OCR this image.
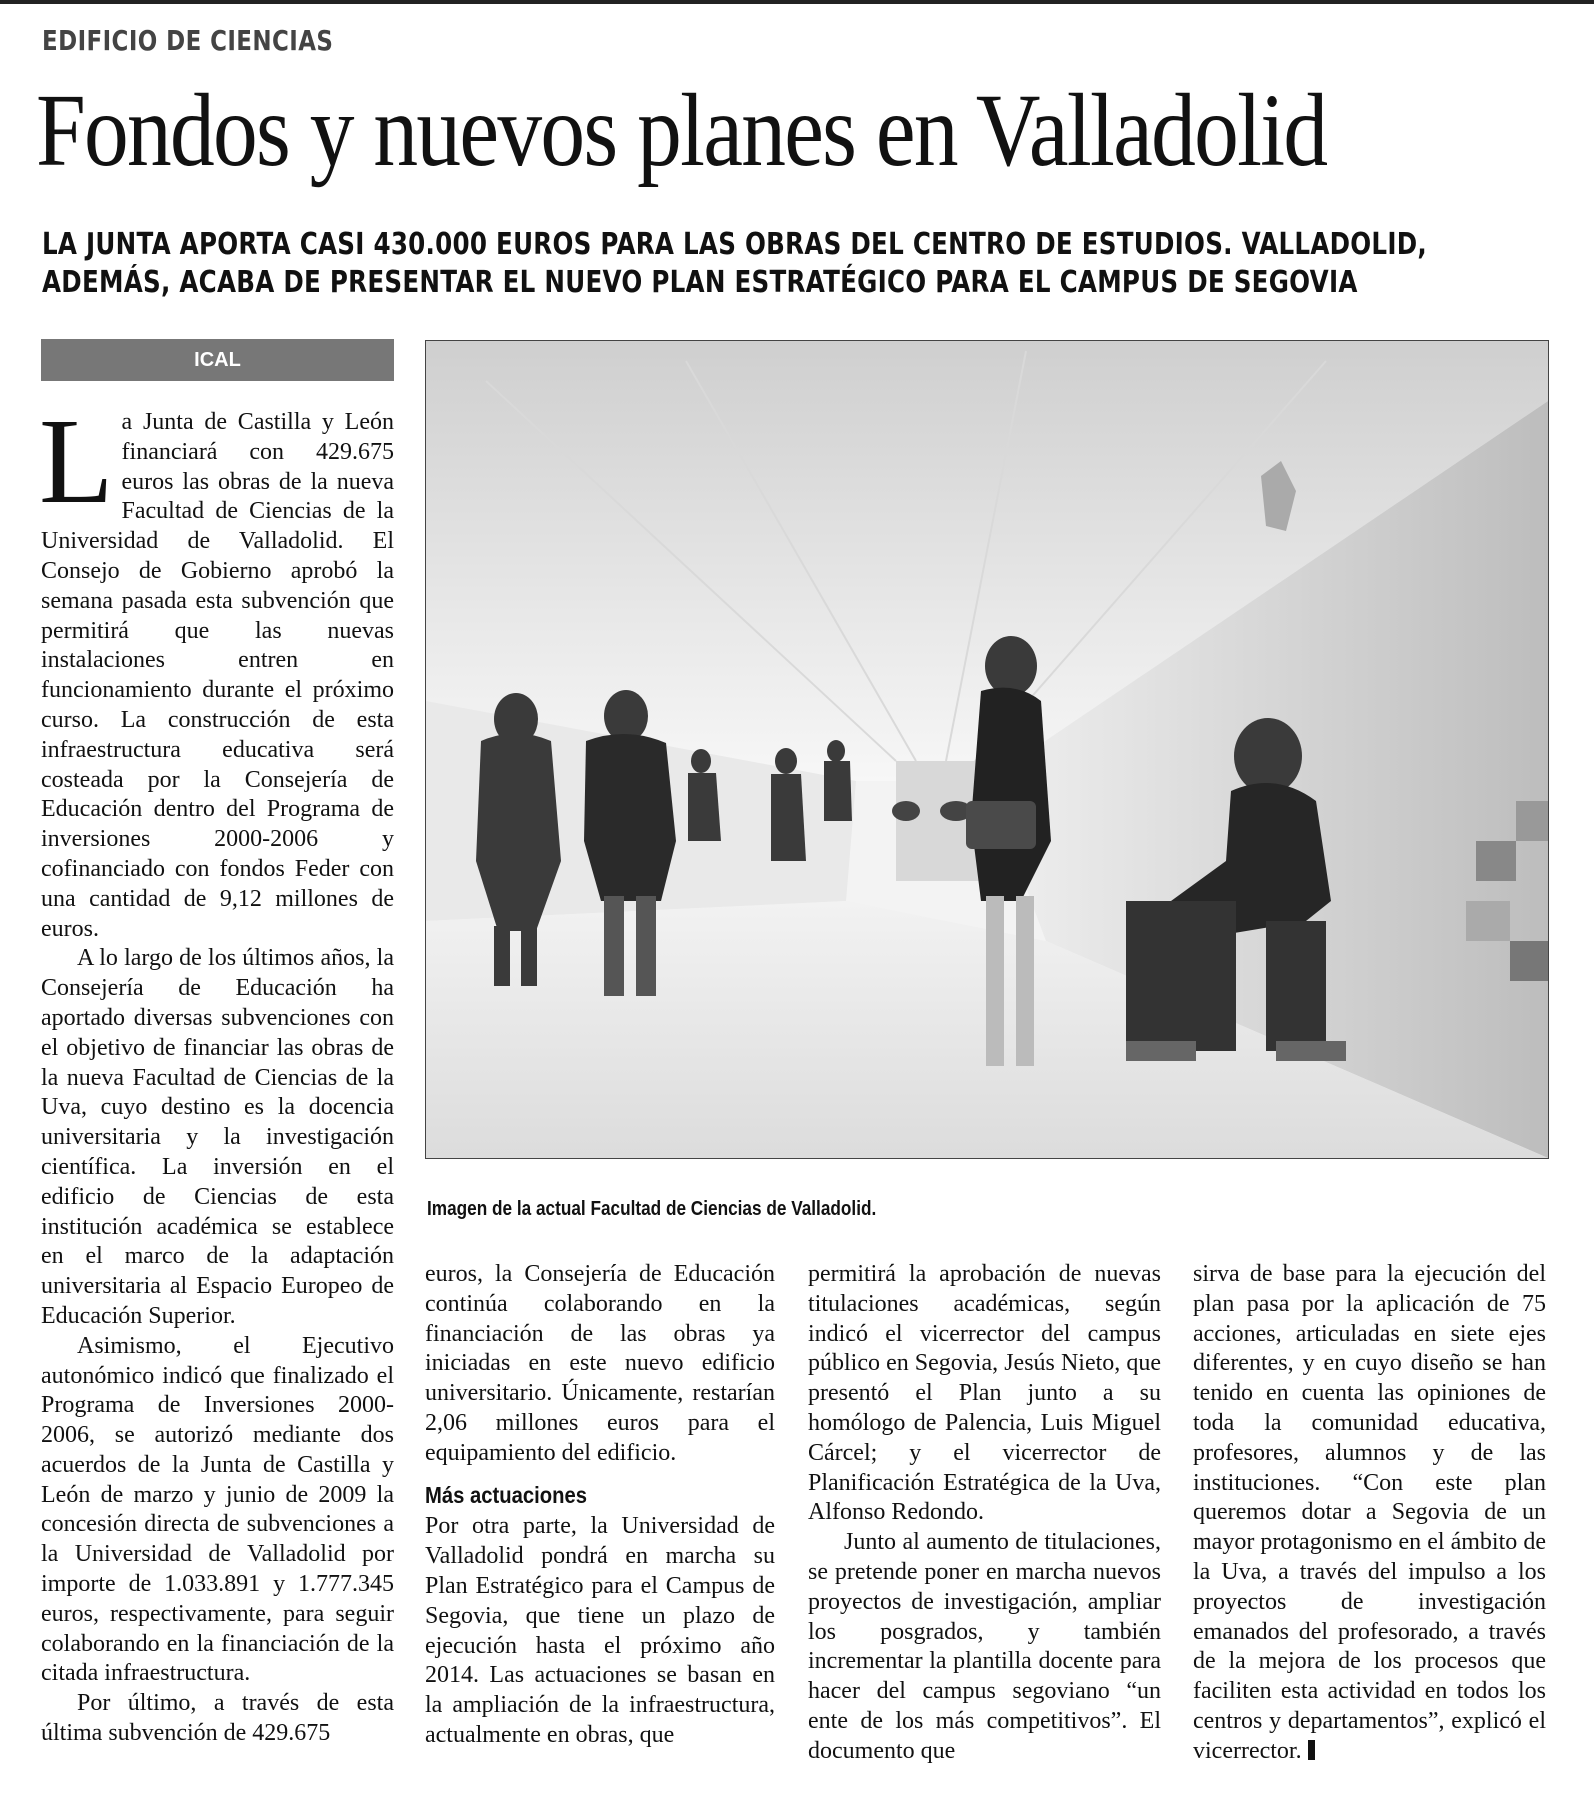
EDIFICIO DE CIENCIAS
Fondos y nuevos planes en Valladolid
LA JUNTA APORTA CASI 430.000 EUROS PARA LAS OBRAS DEL CENTRO DE ESTUDIOS. VALLADOLID,
ADEMÁS, ACABA DE PRESENTAR EL NUEVO PLAN ESTRATÉGICO PARA EL CAMPUS DE SEGOVIA
ICAL

La Junta de Castilla y León financiará con 429.675 euros las obras de la nueva Facultad de Ciencias de la Universidad de Valladolid. El Consejo de Gobierno aprobó la semana pasada esta subvención que permitirá que las nuevas instalaciones entren en funcionamiento durante el próximo curso. La construcción de esta infraestructura educativa será costeada por la Consejería de Educación dentro del Programa de inversiones 2000-2006 y cofinanciado con fondos Feder con una cantidad de 9,12 millones de euros.

A lo largo de los últimos años, la Consejería de Educación ha aportado diversas subvenciones con el objetivo de financiar las obras de la nueva Facultad de Ciencias de la Uva, cuyo destino es la docencia universitaria y la investigación científica. La inversión en el edificio de Ciencias de esta institución académica se establece en el marco de la adaptación universitaria al Espacio Europeo de Educación Superior.

Asimismo, el Ejecutivo autonómico indicó que finalizado el Programa de Inversiones 2000-2006, se autorizó mediante dos acuerdos de la Junta de Castilla y León de marzo y junio de 2009 la concesión directa de subvenciones a la Universidad de Valladolid por importe de 1.033.891 y 1.777.345 euros, respectivamente, para seguir colaborando en la financiación de la citada infraestructura.

Por último, a través de esta última subvención de 429.675

Imagen de la actual Facultad de Ciencias de Valladolid.

euros, la Consejería de Educación continúa colaborando en la financiación de las obras ya iniciadas en este nuevo edificio universitario. Únicamente, restarían 2,06 millones euros para el equipamiento del edificio.

Más actuaciones

Por otra parte, la Universidad de Valladolid pondrá en marcha su Plan Estratégico para el Campus de Segovia, que tiene un plazo de ejecución hasta el próximo año 2014. Las actuaciones se basan en la ampliación de la infraestructura, actualmente en obras, que

permitirá la aprobación de nuevas titulaciones académicas, según indicó el vicerrector del campus público en Segovia, Jesús Nieto, que presentó el Plan junto a su homólogo de Palencia, Luis Miguel Cárcel; y el vicerrector de Planificación Estratégica de la Uva, Alfonso Redondo.

Junto al aumento de titulaciones, se pretende poner en marcha nuevos proyectos de investigación, ampliar los posgrados, y también incrementar la plantilla docente para hacer del campus segoviano “un ente de los más competitivos”. El documento que

sirva de base para la ejecución del plan pasa por la aplicación de 75 acciones, articuladas en siete ejes diferentes, y en cuyo diseño se han tenido en cuenta las opiniones de toda la comunidad educativa, profesores, alumnos y de las instituciones. “Con este plan queremos dotar a Segovia de un mayor protagonismo en el ámbito de la Uva, a través del impulso a los proyectos de investigación emanados del profesorado, a través de la mejora de los procesos que faciliten esta actividad en todos los centros y departamentos”, explicó el vicerrector.
